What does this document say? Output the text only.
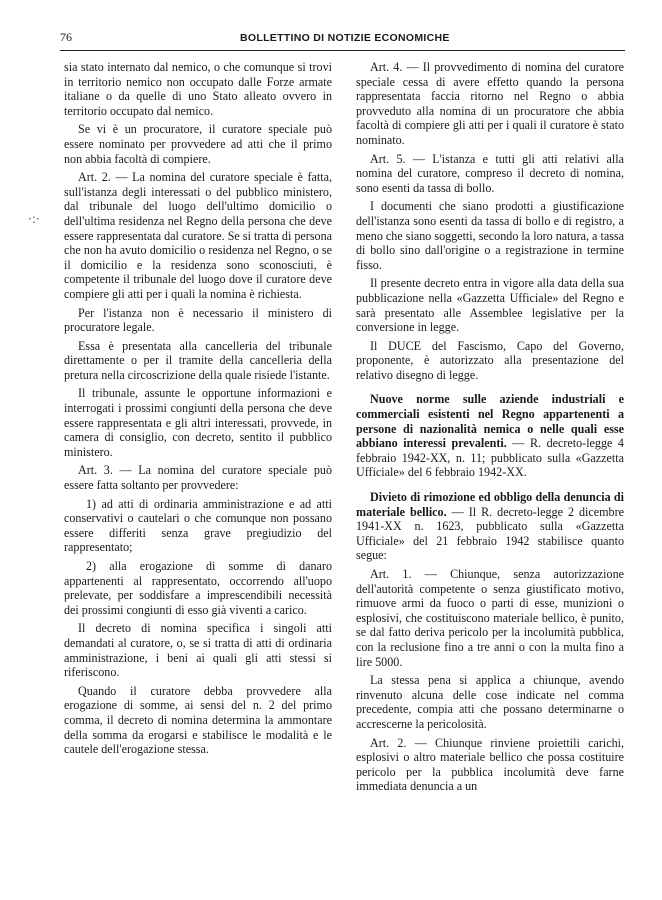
76	BOLLETTINO DI NOTIZIE ECONOMICHE
·:·

sia stato internato dal nemico, o che comunque si trovi in territorio nemico non occupato dalle Forze armate italiane o da quelle di uno Stato alleato ovvero in territorio occupato dal nemico.

Se vi è un procuratore, il curatore speciale può essere nominato per provvedere ad atti che il primo non abbia facoltà di compiere.

Art. 2. — La nomina del curatore speciale è fatta, sull'istanza degli interessati o del pubblico ministero, dal tribunale del luogo dell'ultimo domicilio o dell'ultima residenza nel Regno della persona che deve essere rappresentata dal curatore. Se si tratta di persona che non ha avuto domicilio o residenza nel Regno, o se il domicilio e la residenza sono sconosciuti, è competente il tribunale del luogo dove il curatore deve compiere gli atti per i quali la nomina è richiesta.

Per l'istanza non è necessario il ministero di procuratore legale.

Essa è presentata alla cancelleria del tribunale direttamente o per il tramite della cancelleria della pretura nella circoscrizione della quale risiede l'istante.

Il tribunale, assunte le opportune informazioni e interrogati i prossimi congiunti della persona che deve essere rappresentata e gli altri interessati, provvede, in camera di consiglio, con decreto, sentito il pubblico ministero.

Art. 3. — La nomina del curatore speciale può essere fatta soltanto per provvedere:

1) ad atti di ordinaria amministrazione e ad atti conservativi o cautelari o che comunque non possano essere differiti senza grave pregiudizio del rappresentato;

2) alla erogazione di somme di danaro appartenenti al rappresentato, occorrendo all'uopo prelevate, per soddisfare a imprescendibili necessità dei prossimi congiunti di esso già viventi a carico.

Il decreto di nomina specifica i singoli atti demandati al curatore, o, se si tratta di atti di ordinaria amministrazione, i beni ai quali gli atti stessi si riferiscono.

Quando il curatore debba provvedere alla erogazione di somme, ai sensi del n. 2 del primo comma, il decreto di nomina determina la ammontare della somma da erogarsi e stabilisce le modalità e le cautele dell'erogazione stessa.

Art. 4. — Il provvedimento di nomina del curatore speciale cessa di avere effetto quando la persona rappresentata faccia ritorno nel Regno o abbia provveduto alla nomina di un procuratore che abbia facoltà di compiere gli atti per i quali il curatore è stato nominato.

Art. 5. — L'istanza e tutti gli atti relativi alla nomina del curatore, compreso il decreto di nomina, sono esenti da tassa di bollo.

I documenti che siano prodotti a giustificazione dell'istanza sono esenti da tassa di bollo e di registro, a meno che siano soggetti, secondo la loro natura, a tassa di bollo sino dall'origine o a registrazione in termine fisso.

Il presente decreto entra in vigore alla data della sua pubblicazione nella «Gazzetta Ufficiale» del Regno e sarà presentato alle Assemblee legislative per la conversione in legge.

Il DUCE del Fascismo, Capo del Governo, proponente, è autorizzato alla presentazione del relativo disegno di legge.

Nuove norme sulle aziende industriali e commerciali esistenti nel Regno appartenenti a persone di nazionalità nemica o nelle quali esse abbiano interessi prevalenti. — R. decreto-legge 4 febbraio 1942-XX, n. 11; pubblicato sulla «Gazzetta Ufficiale» del 6 febbraio 1942-XX.

Divieto di rimozione ed obbligo della denuncia di materiale bellico. — Il R. decreto-legge 2 dicembre 1941-XX n. 1623, pubblicato sulla «Gazzetta Ufficiale» del 21 febbraio 1942 stabilisce quanto segue:

Art. 1. — Chiunque, senza autorizzazione dell'autorità competente o senza giustificato motivo, rimuove armi da fuoco o parti di esse, munizioni o esplosivi, che costituiscono materiale bellico, è punito, se dal fatto deriva pericolo per la incolumità pubblica, con la reclusione fino a tre anni o con la multa fino a lire 5000.

La stessa pena si applica a chiunque, avendo rinvenuto alcuna delle cose indicate nel comma precedente, compia atti che possano determinarne o accrescerne la pericolosità.

Art. 2. — Chiunque rinviene proiettili carichi, esplosivi o altro materiale bellico che possa costituire pericolo per la pubblica incolumità deve farne immediata denuncia a un
